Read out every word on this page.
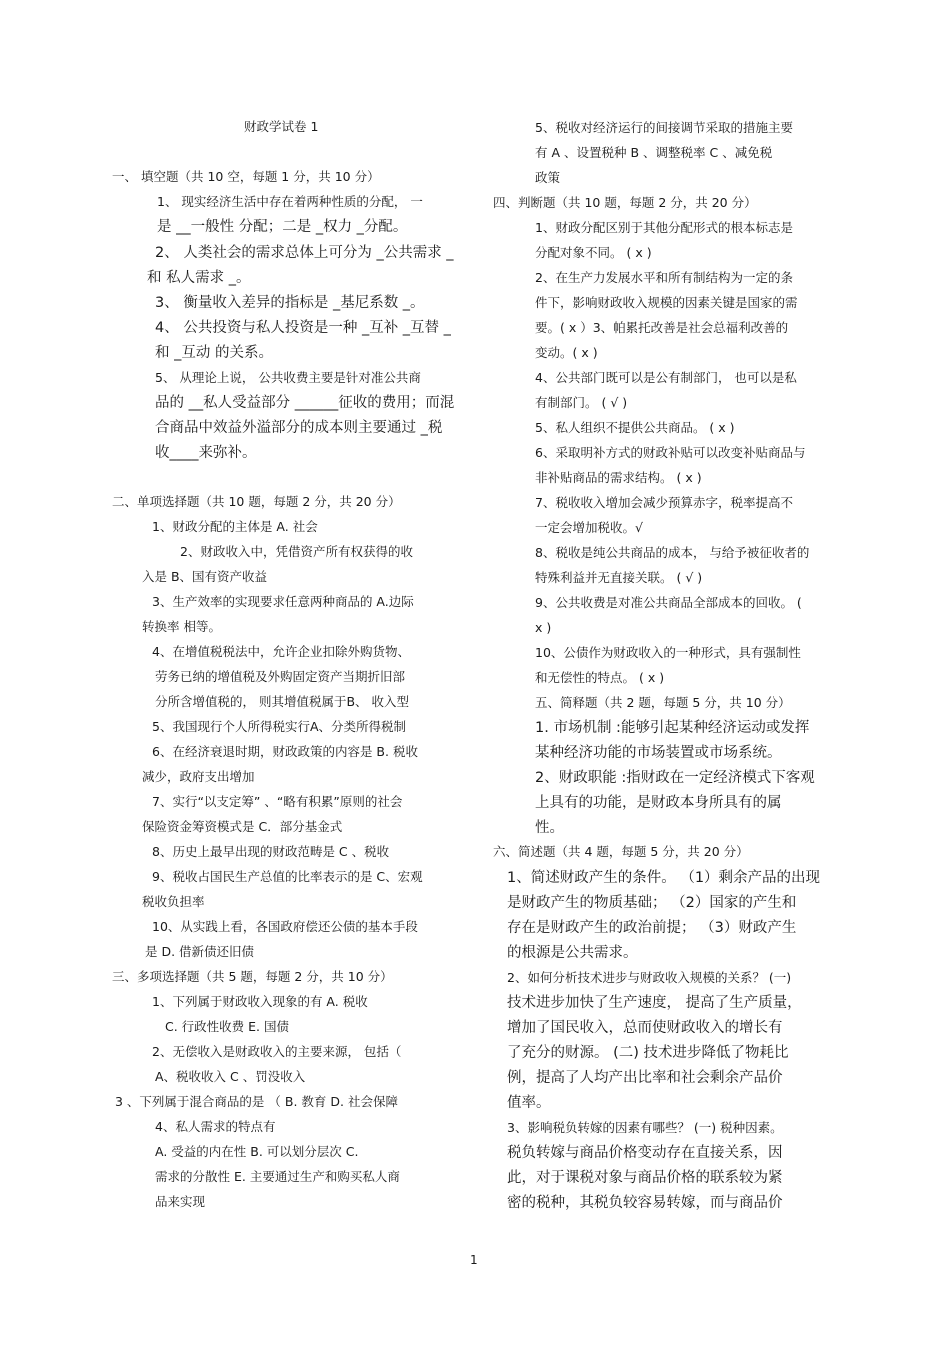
财政学试卷 1
一、 填空题（共 10 空，每题 1 分，共 10 分）
1、 现实经济生活中存在着两种性质的分配， 一
是 __一般性 分配；二是 _权力 _分配。
2、 人类社会的需求总体上可分为 _公共需求 _
和 私人需求 _。
3、 衡量收入差异的指标是 _基尼系数 _。
4、 公共投资与私人投资是一种 _互补 _互替 _
和 _互动 的关系。
5、 从理论上说， 公共收费主要是针对准公共商
品的 __私人受益部分 ______征收的费用；而混
合商品中效益外溢部分的成本则主要通过 _税
收____来弥补。
二、单项选择题（共 10 题，每题 2 分，共 20 分）
1、财政分配的主体是 A. 社会
2、财政收入中，凭借资产所有权获得的收
入是 B、国有资产收益
3、生产效率的实现要求任意两种商品的 A.边际
转换率 相等。
4、在增值税税法中，允许企业扣除外购货物、
劳务已纳的增值税及外购固定资产当期折旧部
分所含增值税的， 则其增值税属于B、 收入型
5、我国现行个人所得税实行A、分类所得税制
6、在经济衰退时期，财政政策的内容是 B. 税收
减少，政府支出增加
7、实行“以支定筹” 、“略有积累”原则的社会
保险资金筹资模式是 C．部分基金式
8、历史上最早出现的财政范畴是 C 、税收
9、税收占国民生产总值的比率表示的是 C、宏观
税收负担率
10、从实践上看，各国政府偿还公债的基本手段
是 D. 借新债还旧债
三、多项选择题（共 5 题，每题 2 分，共 10 分）
1、下列属于财政收入现象的有 A. 税收
C. 行政性收费 E. 国债
2、无偿收入是财政收入的主要来源， 包括（
A、税收收入 C 、罚没收入
3 、下列属于混合商品的是 （ B. 教育 D. 社会保障
4、私人需求的特点有
A. 受益的内在性 B. 可以划分层次 C.
需求的分散性 E. 主要通过生产和购买私人商
品来实现
5、税收对经济运行的间接调节采取的措施主要
有 A 、设置税种 B 、调整税率 C 、减免税
政策
四、判断题（共 10 题，每题 2 分，共 20 分）
1、财政分配区别于其他分配形式的根本标志是
分配对象不同。 ( x )
2、在生产力发展水平和所有制结构为一定的条
件下，影响财政收入规模的因素关键是国家的需
要。( x ）3、帕累托改善是社会总福利改善的
变动。( x )
4、公共部门既可以是公有制部门， 也可以是私
有制部门。 ( √ )
5、私人组织不提供公共商品。 ( x )
6、采取明补方式的财政补贴可以改变补贴商品与
非补贴商品的需求结构。 ( x )
7、税收收入增加会减少预算赤字，税率提高不
一定会增加税收。√
8、税收是纯公共商品的成本， 与给予被征收者的
特殊利益并无直接关联。 ( √ )
9、公共收费是对准公共商品全部成本的回收。 (
x )
10、公债作为财政收入的一种形式，具有强制性
和无偿性的特点。 ( x )
五、简释题（共 2 题，每题 5 分，共 10 分）
1. 市场机制 :能够引起某种经济运动或发挥
某种经济功能的市场装置或市场系统。
2、财政职能 :指财政在一定经济模式下客观
上具有的功能，是财政本身所具有的属
性。
六、简述题（共 4 题，每题 5 分，共 20 分）
1、简述财政产生的条件。 （1）剩余产品的出现
是财政产生的物质基础； （2）国家的产生和
存在是财政产生的政治前提； （3）财政产生
的根源是公共需求。
2、如何分析技术进步与财政收入规模的关系？ (一)
技术进步加快了生产速度， 提高了生产质量，
增加了国民收入，总而使财政收入的增长有
了充分的财源。 (二) 技术进步降低了物耗比
例，提高了人均产出比率和社会剩余产品价
值率。
3、影响税负转嫁的因素有哪些？ (一) 税种因素。
税负转嫁与商品价格变动存在直接关系，因
此，对于课税对象与商品价格的联系较为紧
密的税种，其税负较容易转嫁，而与商品价
1
